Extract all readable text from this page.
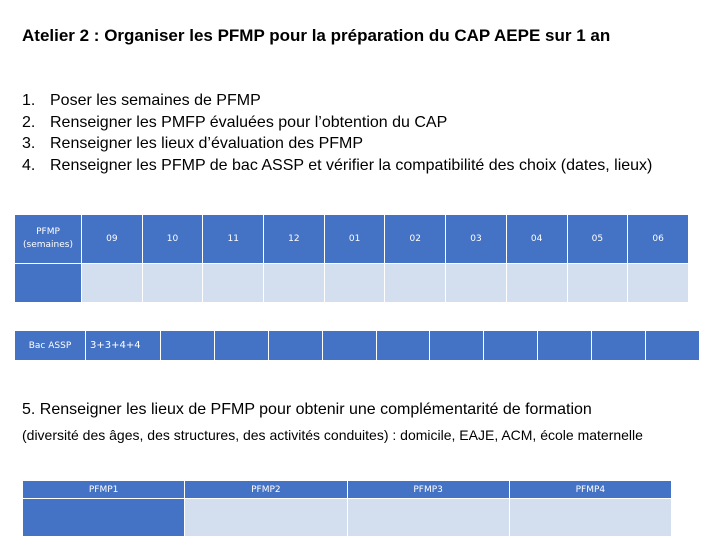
Atelier 2 : Organiser les PFMP pour la préparation du CAP AEPE sur 1 an
1. Poser les semaines de PFMP
2. Renseigner les PMFP évaluées pour l’obtention du CAP
3. Renseigner les lieux d’évaluation des PFMP
4. Renseigner les PFMP de bac ASSP et vérifier la compatibilité des choix (dates, lieux)
PFMP
(semaines)	09	10	11	12	01	02	03	04	05	06

Bac ASSP	3+3+4+4										
5. Renseigner les lieux de PFMP pour obtenir une complémentarité de formation
(diversité des âges, des structures, des activités conduites) : domicile, EAJE, ACM, école maternelle
PFMP1	PFMP2	PFMP3	PFMP4
